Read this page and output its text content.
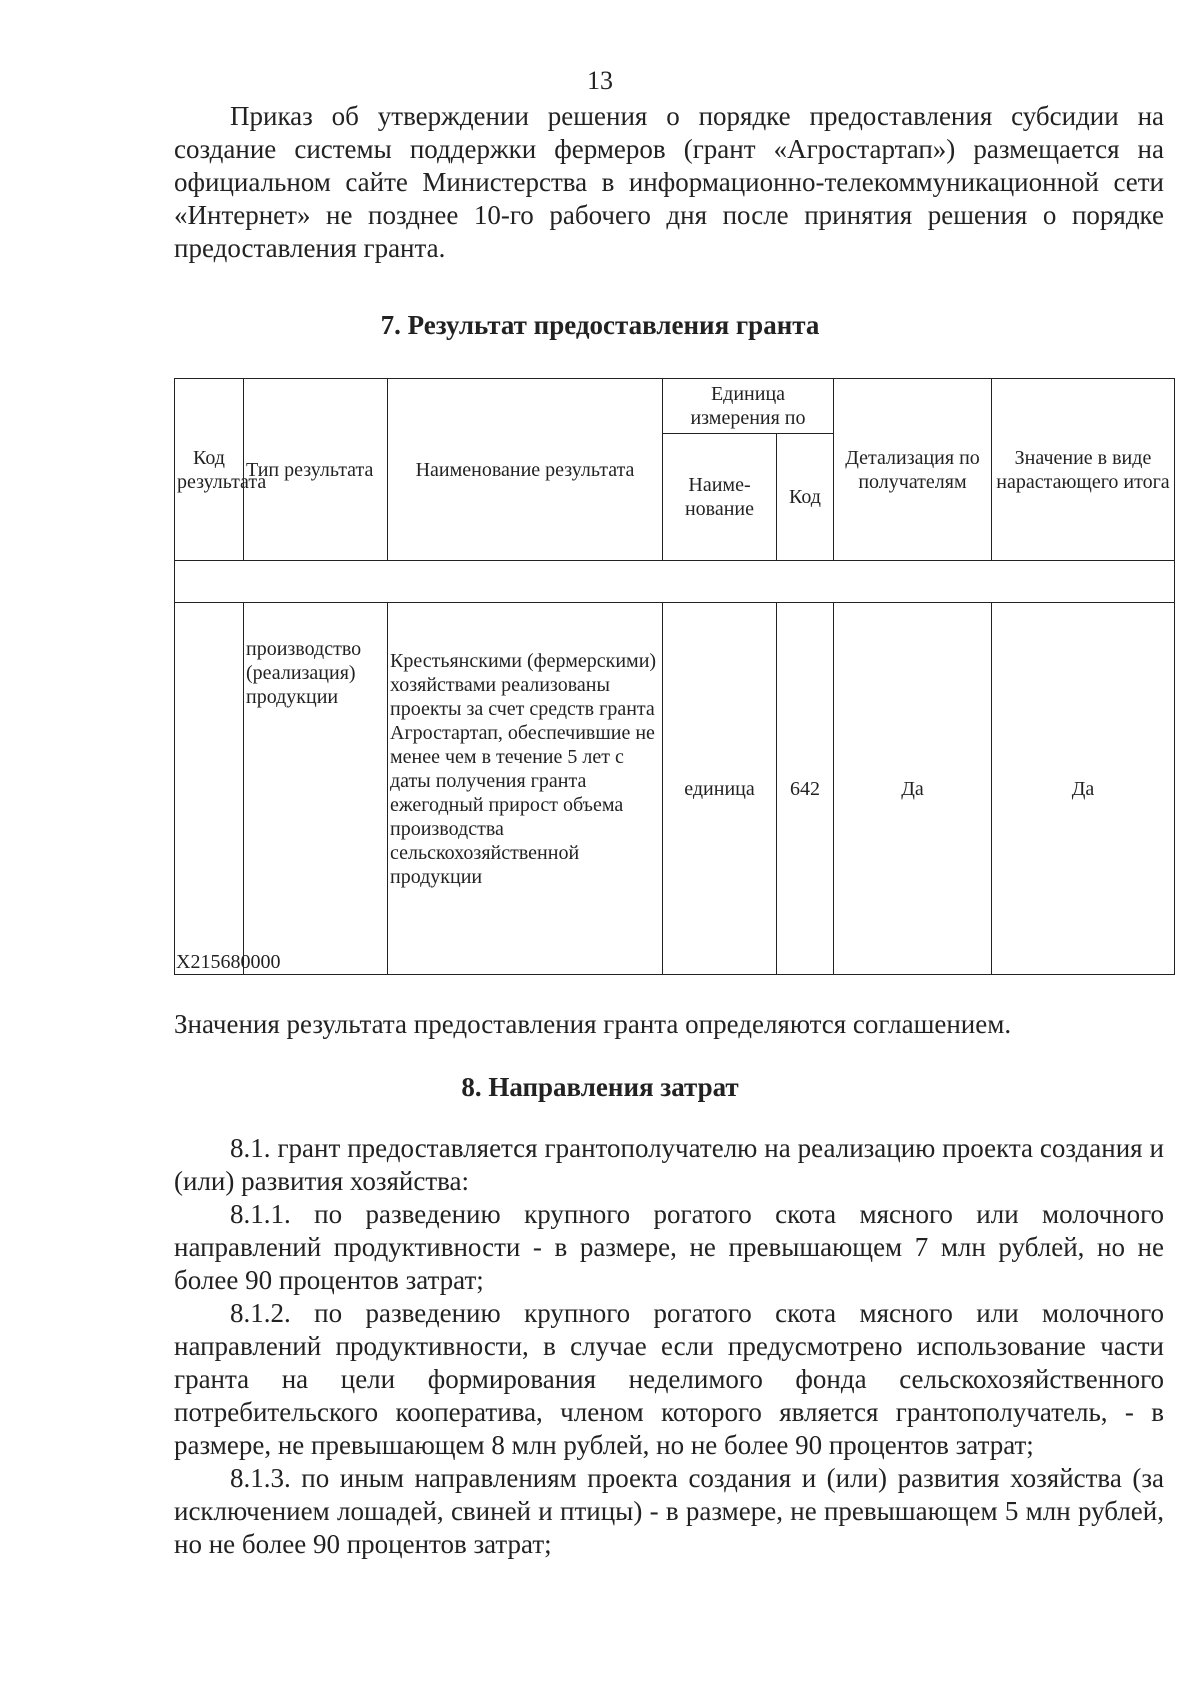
13

Приказ об утверждении решения о порядке предоставления субсидии на создание системы поддержки фермеров (грант «Агростартап») размещается на официальном сайте Министерства в информационно-телекоммуникационной сети «Интернет» не позднее 10-го рабочего дня после принятия решения о порядке предоставления гранта.

7. Результат предоставления гранта
Код результата	Тип результата	Наименование результата	Единица измерения по		Детализация по получателям	Значение в виде нарастающего итога
			Наиме-нование	Код		

X215680000	производство (реализация) продукции	Крестьянскими (фермерскими) хозяйствами реализованы проекты за счет средств гранта Агростартап, обеспечившие не менее чем в течение 5 лет с даты получения гранта ежегодный прирост объема производства сельскохозяйственной продукции	единица	642	Да	Да

Значения результата предоставления гранта определяются соглашением.

8. Направления затрат

8.1. грант предоставляется грантополучателю на реализацию проекта создания и (или) развития хозяйства:

8.1.1. по разведению крупного рогатого скота мясного или молочного направлений продуктивности - в размере, не превышающем 7 млн рублей, но не более 90 процентов затрат;

8.1.2. по разведению крупного рогатого скота мясного или молочного направлений продуктивности, в случае если предусмотрено использование части гранта на цели формирования неделимого фонда сельскохозяйственного потребительского кооператива, членом которого является грантополучатель, - в размере, не превышающем 8 млн рублей, но не более 90 процентов затрат;

8.1.3. по иным направлениям проекта создания и (или) развития хозяйства (за исключением лошадей, свиней и птицы) - в размере, не превышающем 5 млн рублей, но не более 90 процентов затрат;
